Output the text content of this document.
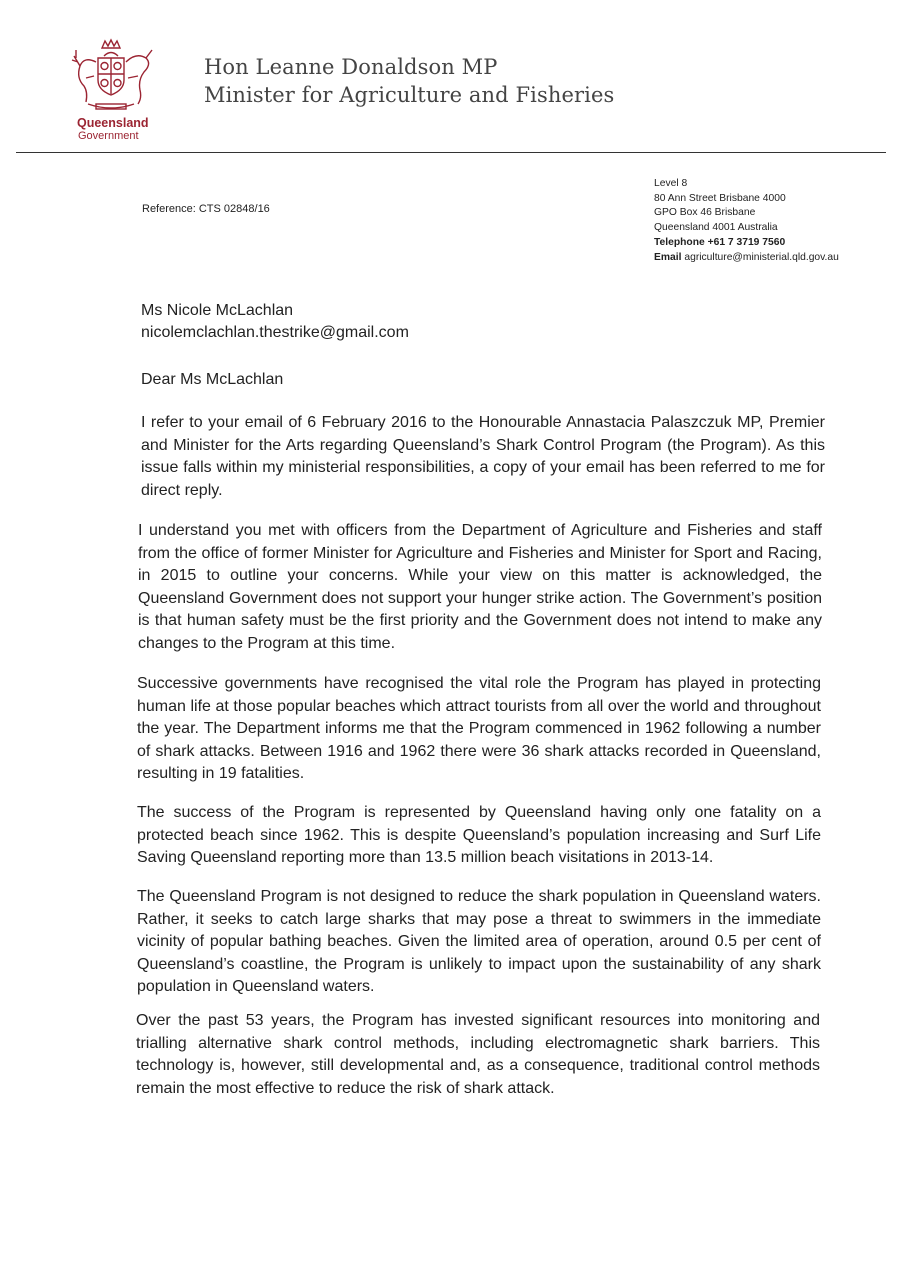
Queensland
Government
Hon Leanne Donaldson MP
Minister for Agriculture and Fisheries
Level 8
80 Ann Street Brisbane 4000
GPO Box 46 Brisbane
Queensland 4001 Australia
Telephone +61 7 3719 7560
Email agriculture@ministerial.qld.gov.au
Reference: CTS 02848/16
Ms Nicole McLachlan
nicolemclachlan.thestrike@gmail.com
Dear Ms McLachlan

I refer to your email of 6 February 2016 to the Honourable Annastacia Palaszczuk MP, Premier and Minister for the Arts regarding Queensland’s Shark Control Program (the Program). As this issue falls within my ministerial responsibilities, a copy of your email has been referred to me for direct reply.

I understand you met with officers from the Department of Agriculture and Fisheries and staff from the office of former Minister for Agriculture and Fisheries and Minister for Sport and Racing, in 2015 to outline your concerns. While your view on this matter is acknowledged, the Queensland Government does not support your hunger strike action. The Government’s position is that human safety must be the first priority and the Government does not intend to make any changes to the Program at this time.

Successive governments have recognised the vital role the Program has played in protecting human life at those popular beaches which attract tourists from all over the world and throughout the year. The Department informs me that the Program commenced in 1962 following a number of shark attacks. Between 1916 and 1962 there were 36 shark attacks recorded in Queensland, resulting in 19 fatalities.

The success of the Program is represented by Queensland having only one fatality on a protected beach since 1962. This is despite Queensland’s population increasing and Surf Life Saving Queensland reporting more than 13.5 million beach visitations in 2013-14.

The Queensland Program is not designed to reduce the shark population in Queensland waters. Rather, it seeks to catch large sharks that may pose a threat to swimmers in the immediate vicinity of popular bathing beaches. Given the limited area of operation, around 0.5 per cent of Queensland’s coastline, the Program is unlikely to impact upon the sustainability of any shark population in Queensland waters.

Over the past 53 years, the Program has invested significant resources into monitoring and trialling alternative shark control methods, including electromagnetic shark barriers. This technology is, however, still developmental and, as a consequence, traditional control methods remain the most effective to reduce the risk of shark attack.
